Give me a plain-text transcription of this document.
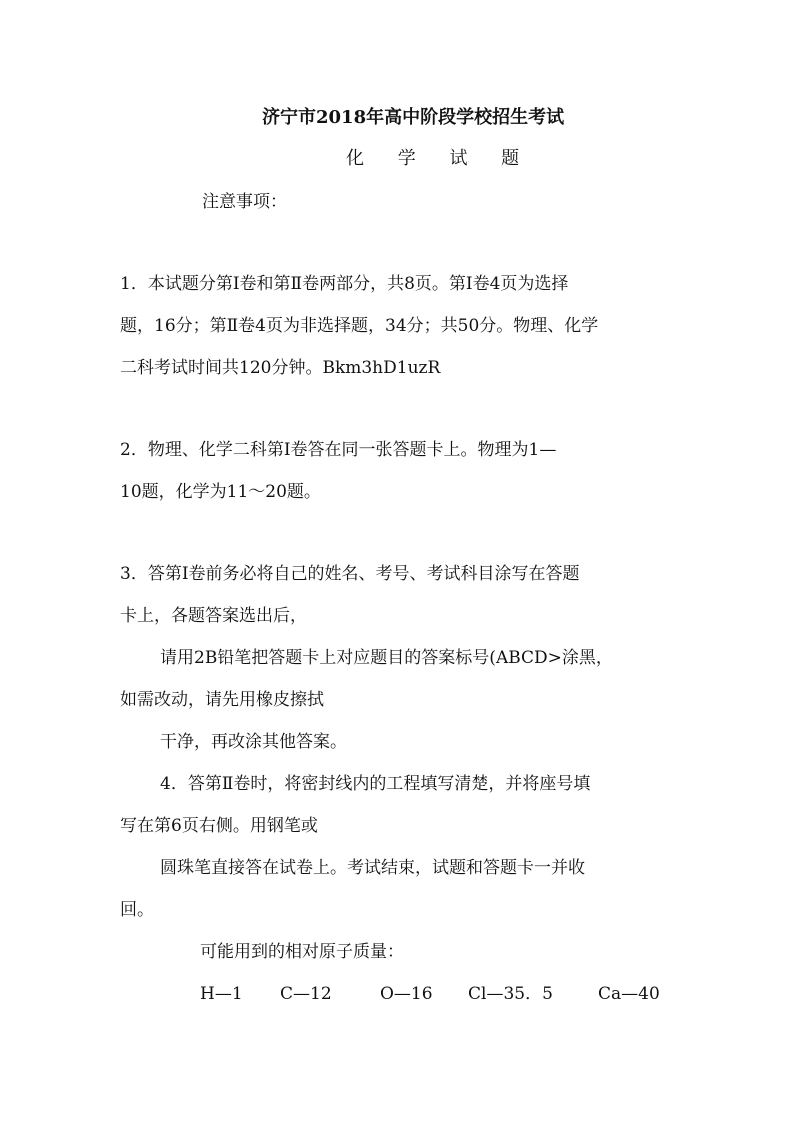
济宁市2018年高中阶段学校招生考试
化 学 试 题
注意事项：
1．本试题分第Ⅰ卷和第Ⅱ卷两部分，共8页。第Ⅰ卷4页为选择
题，16分；第Ⅱ卷4页为非选择题，34分；共50分。物理、化学
二科考试时间共120分钟。Bkm3hD1uzR
2．物理、化学二科第Ⅰ卷答在同一张答题卡上。物理为1—
10题，化学为11～20题。
3．答第Ⅰ卷前务必将自己的姓名、考号、考试科目涂写在答题
卡上，各题答案选出后，
请用2B铅笔把答题卡上对应题目的答案标号(ABCD>涂黑，
如需改动，请先用橡皮擦拭
干净，再改涂其他答案。
4．答第Ⅱ卷时，将密封线内的工程填写清楚，并将座号填
写在第6页右侧。用钢笔或
圆珠笔直接答在试卷上。考试结束，试题和答题卡一并收
回。
可能用到的相对原子质量：
H—1 C—12	O—16 Cl—35．5	Ca—40
